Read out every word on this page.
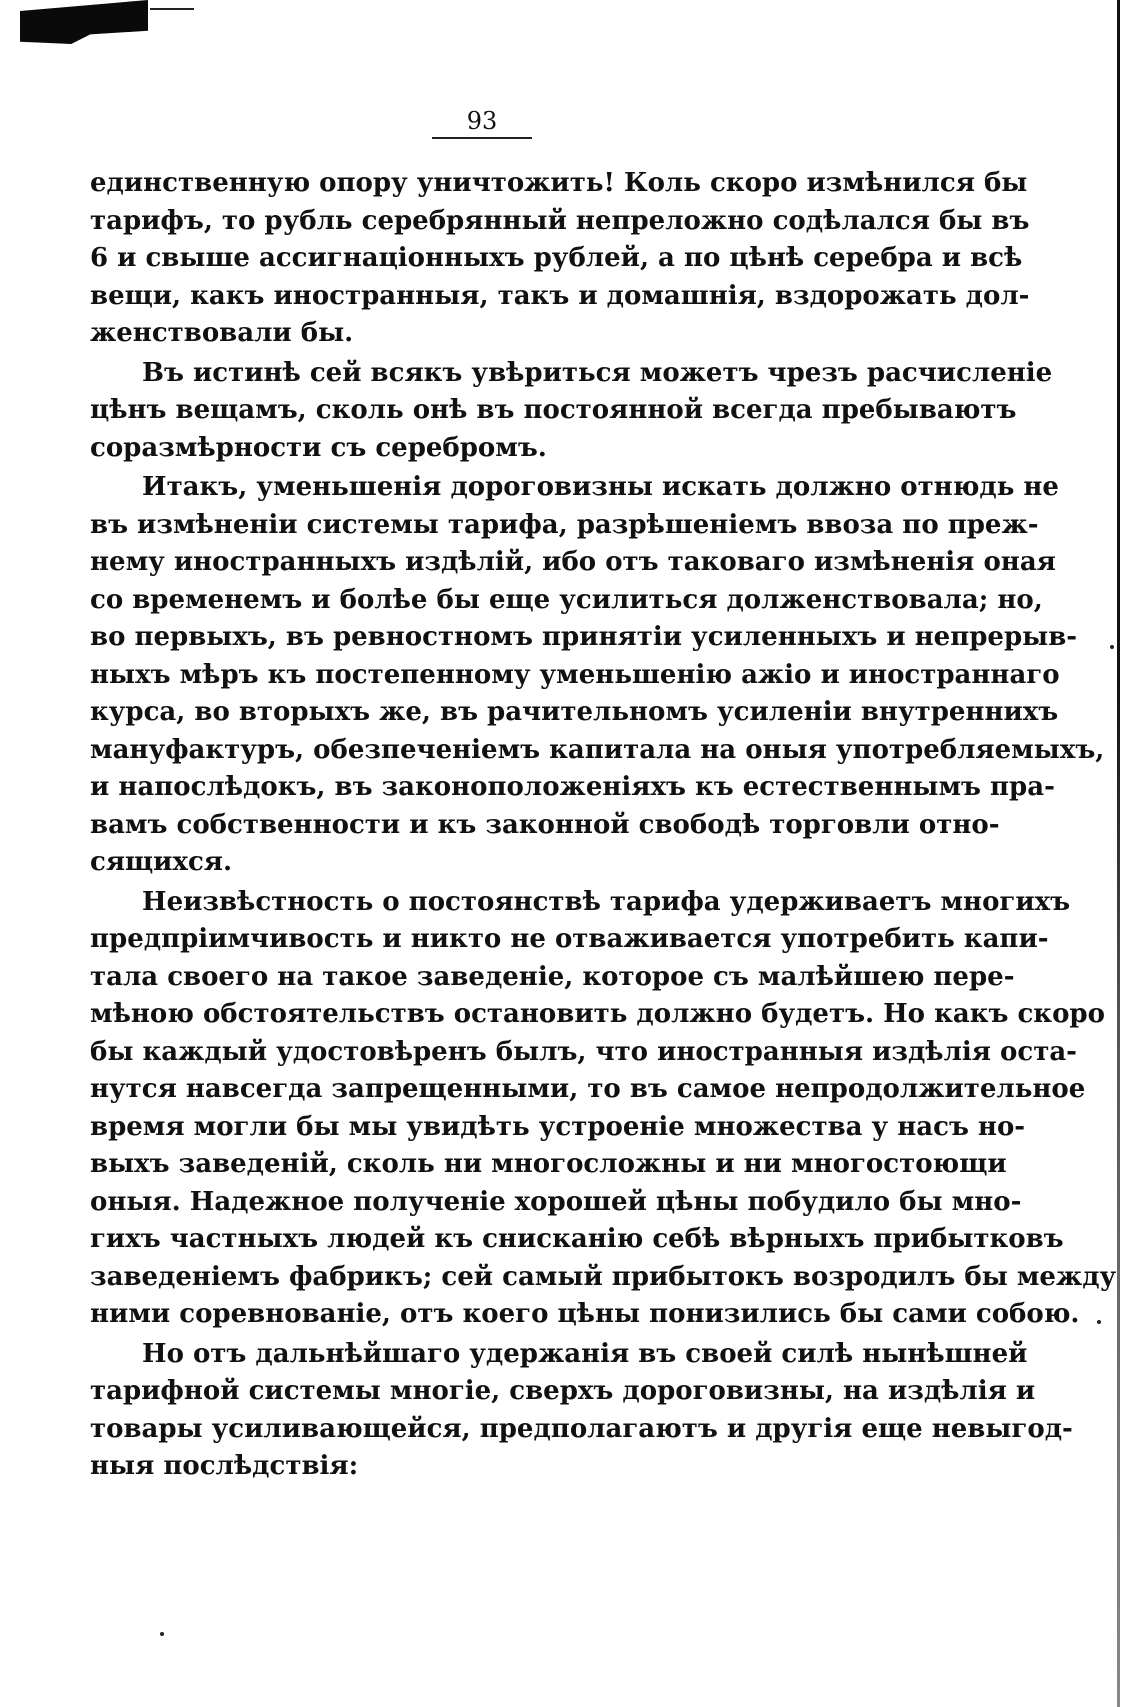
93
единственную опору уничтожить! Коль скоро измѣнился бы
тарифъ, то рубль серебрянный непреложно содѣлался бы въ
6 и свыше ассигнаціонныхъ рублей, а по цѣнѣ серебра и всѣ
вещи, какъ иностранныя, такъ и домашнія, вздорожать дол-
женствовали бы.
Въ истинѣ сей всякъ увѣриться можетъ чрезъ расчисленіе
цѣнъ вещамъ, сколь онѣ въ постоянной всегда пребываютъ
соразмѣрности съ серебромъ.
Итакъ, уменьшенія дороговизны искать должно отнюдь не
въ измѣненіи системы тарифа, разрѣшеніемъ ввоза по преж-
нему иностранныхъ издѣлій, ибо отъ таковаго измѣненія оная
со временемъ и болѣе бы еще усилиться долженствовала; но,
во первыхъ, въ ревностномъ принятіи усиленныхъ и непрерыв-
ныхъ мѣръ къ постепенному уменьшенію ажіо и иностраннаго
курса, во вторыхъ же, въ рачительномъ усиленіи внутреннихъ
мануфактуръ, обезпеченіемъ капитала на оныя употребляемыхъ,
и напослѣдокъ, въ законоположеніяхъ къ естественнымъ пра-
вамъ собственности и къ законной свободѣ торговли отно-
сящихся.
Неизвѣстность о постоянствѣ тарифа удерживаетъ многихъ
предпріимчивость и никто не отваживается употребить капи-
тала своего на такое заведеніе, которое съ малѣйшею пере-
мѣною обстоятельствъ остановить должно будетъ. Но какъ скоро
бы каждый удостовѣренъ былъ, что иностранныя издѣлія оста-
нутся навсегда запрещенными, то въ самое непродолжительное
время могли бы мы увидѣть устроеніе множества у насъ но-
выхъ заведеній, сколь ни многосложны и ни многостоющи
оныя. Надежное полученіе хорошей цѣны побудило бы мно-
гихъ частныхъ людей къ снисканію себѣ вѣрныхъ прибытковъ
заведеніемъ фабрикъ; сей самый прибытокъ возродилъ бы между
ними соревнованіе, отъ коего цѣны понизились бы сами собою.
Но отъ дальнѣйшаго удержанія въ своей силѣ нынѣшней
тарифной системы многіе, сверхъ дороговизны, на издѣлія и
товары усиливающейся, предполагаютъ и другія еще невыгод-
ныя послѣдствія:
